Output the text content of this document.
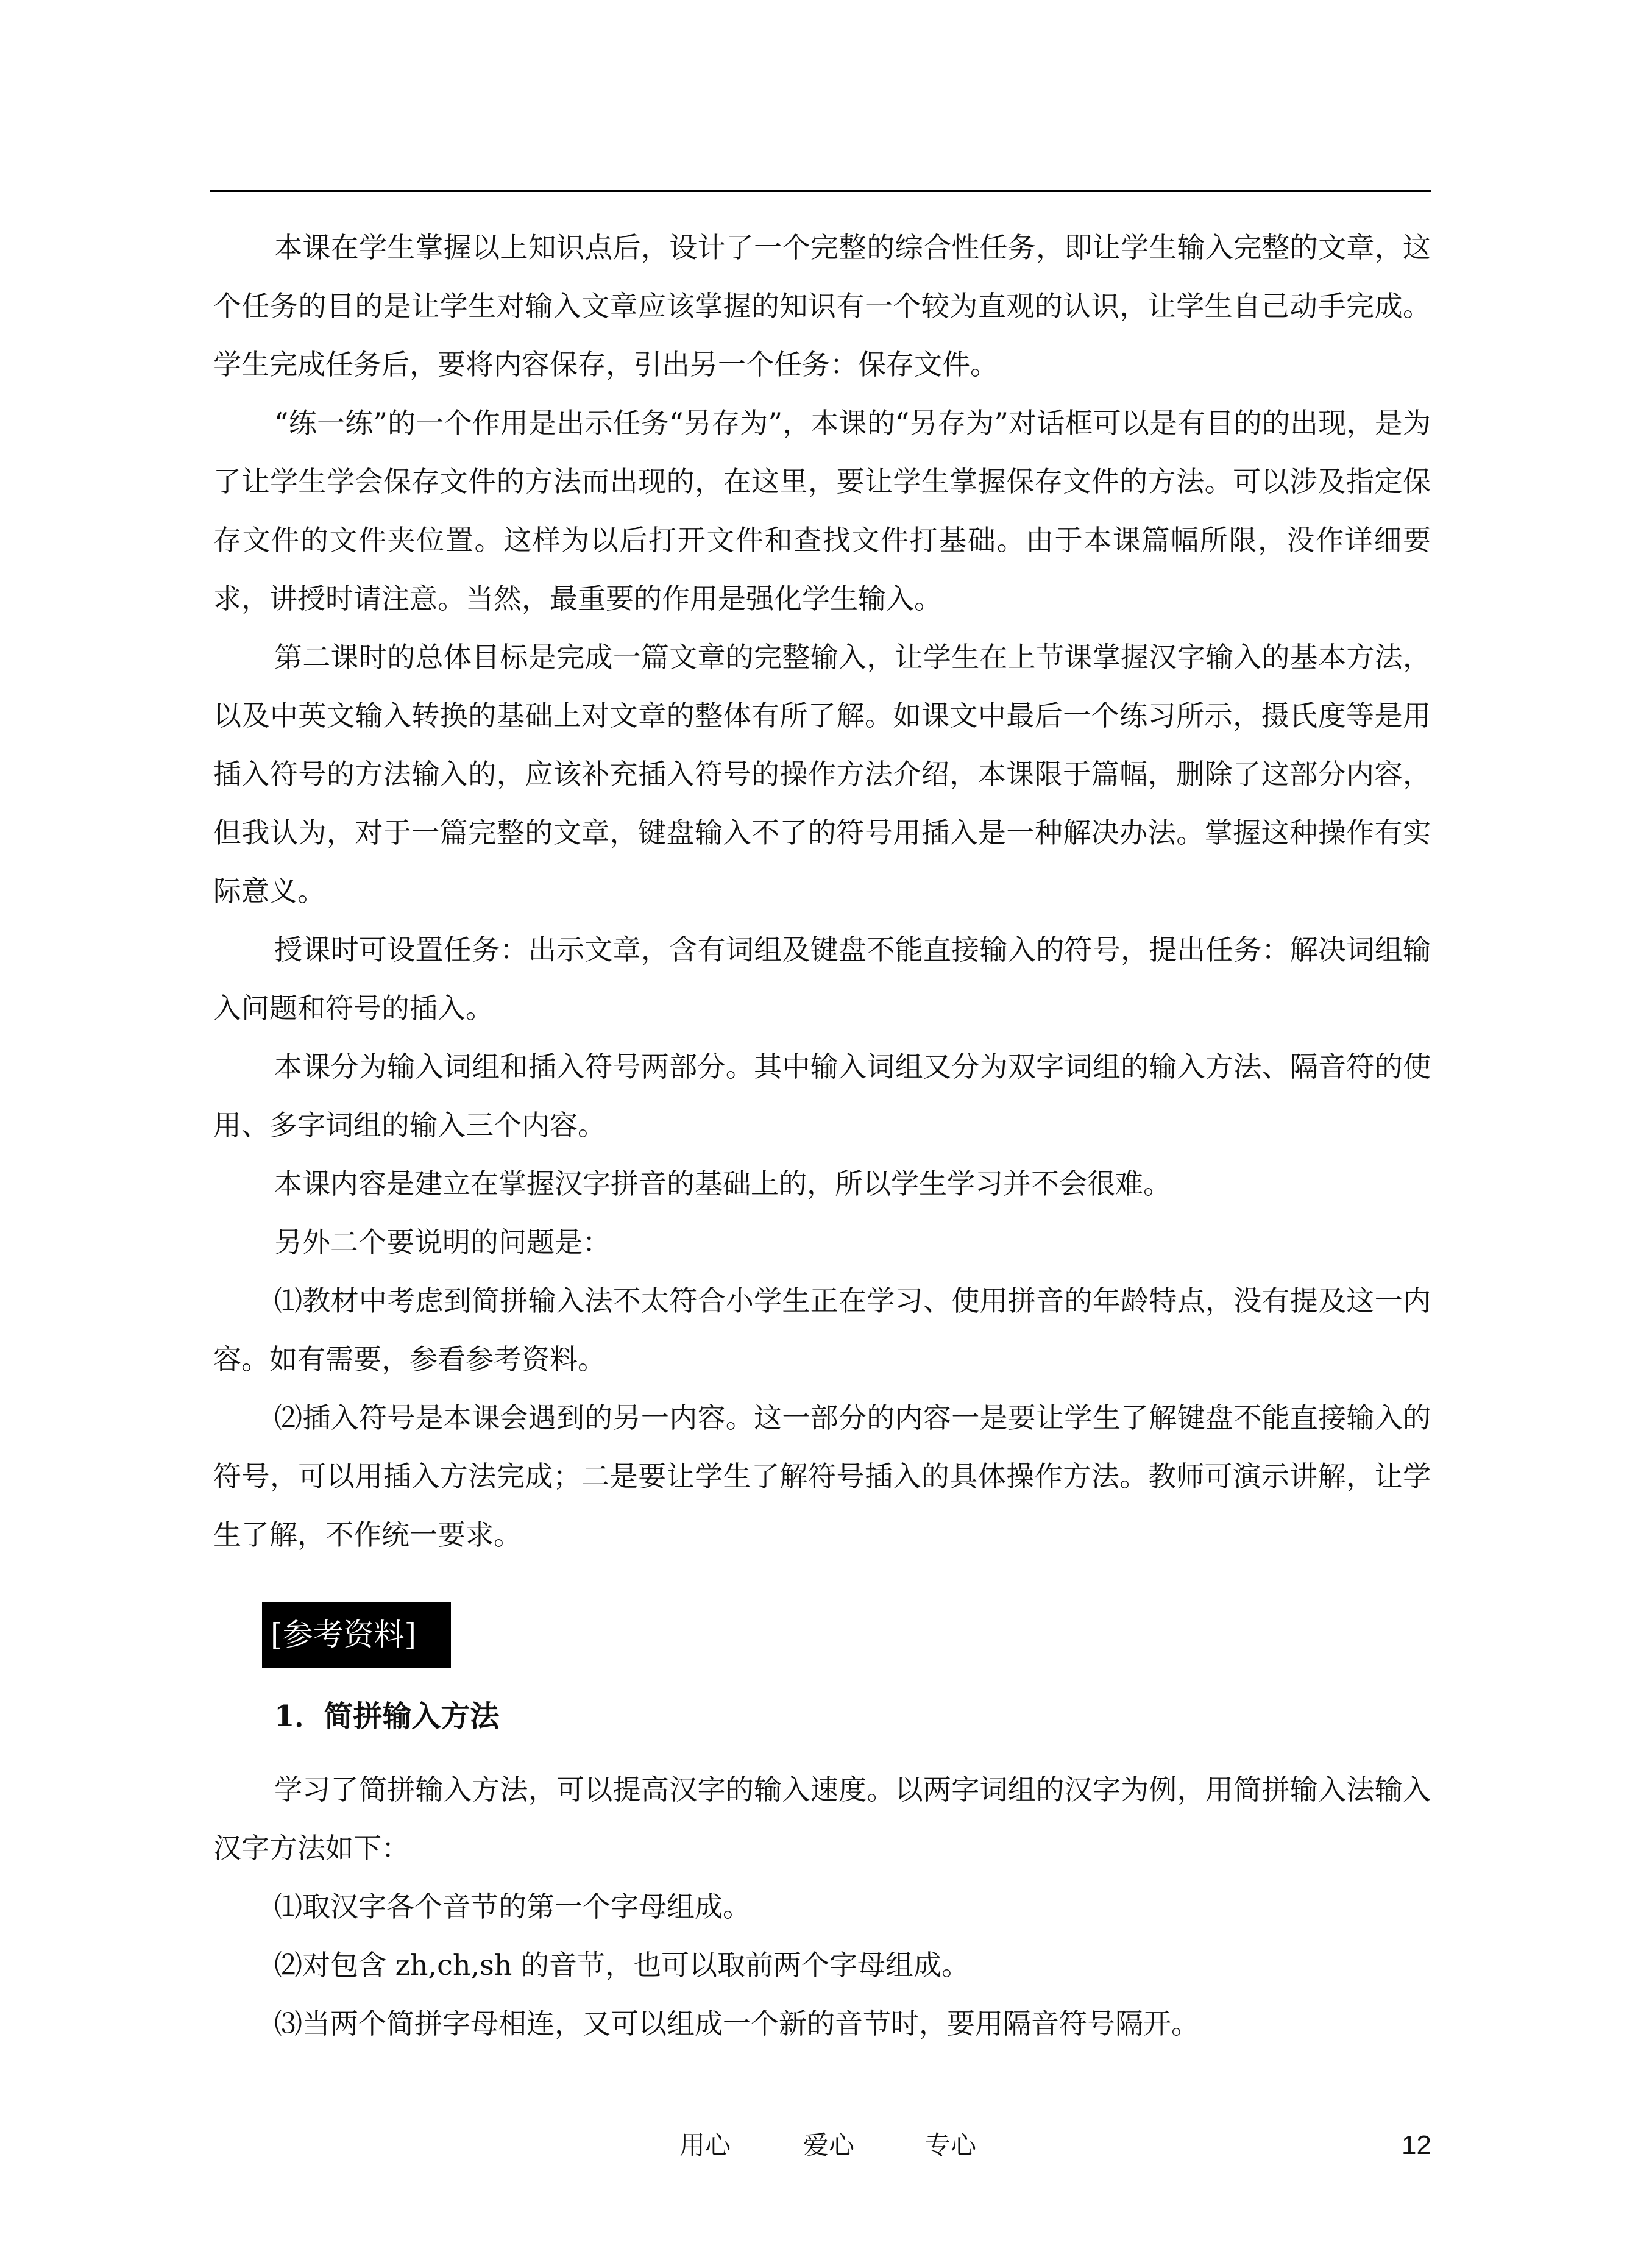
本课在学生掌握以上知识点后，设计了一个完整的综合性任务，即让学生输入完整的文章，这个任务的目的是让学生对输入文章应该掌握的知识有一个较为直观的认识，让学生自己动手完成。学生完成任务后，要将内容保存，引出另一个任务：保存文件。

“练一练”的一个作用是出示任务“另存为”，本课的“另存为”对话框可以是有目的的出现，是为了让学生学会保存文件的方法而出现的，在这里，要让学生掌握保存文件的方法。可以涉及指定保存文件的文件夹位置。这样为以后打开文件和查找文件打基础。由于本课篇幅所限，没作详细要求，讲授时请注意。当然，最重要的作用是强化学生输入。

第二课时的总体目标是完成一篇文章的完整输入，让学生在上节课掌握汉字输入的基本方法，以及中英文输入转换的基础上对文章的整体有所了解。如课文中最后一个练习所示，摄氏度等是用插入符号的方法输入的，应该补充插入符号的操作方法介绍，本课限于篇幅，删除了这部分内容，但我认为，对于一篇完整的文章，键盘输入不了的符号用插入是一种解决办法。掌握这种操作有实际意义。

授课时可设置任务：出示文章，含有词组及键盘不能直接输入的符号，提出任务：解决词组输入问题和符号的插入。

本课分为输入词组和插入符号两部分。其中输入词组又分为双字词组的输入方法、隔音符的使用、多字词组的输入三个内容。

本课内容是建立在掌握汉字拼音的基础上的，所以学生学习并不会很难。

另外二个要说明的问题是：

⑴教材中考虑到简拼输入法不太符合小学生正在学习、使用拼音的年龄特点，没有提及这一内容。如有需要，参看参考资料。

⑵插入符号是本课会遇到的另一内容。这一部分的内容一是要让学生了解键盘不能直接输入的符号，可以用插入方法完成；二是要让学生了解符号插入的具体操作方法。教师可演示讲解，让学生了解，不作统一要求。

[参考资料]
1．简拼输入方法

学习了简拼输入方法，可以提高汉字的输入速度。以两字词组的汉字为例，用简拼输入法输入汉字方法如下：

⑴取汉字各个音节的第一个字母组成。

⑵对包含 zh,ch,sh 的音节，也可以取前两个字母组成。

⑶当两个简拼字母相连，又可以组成一个新的音节时，要用隔音符号隔开。

用心	爱心	专心	12
